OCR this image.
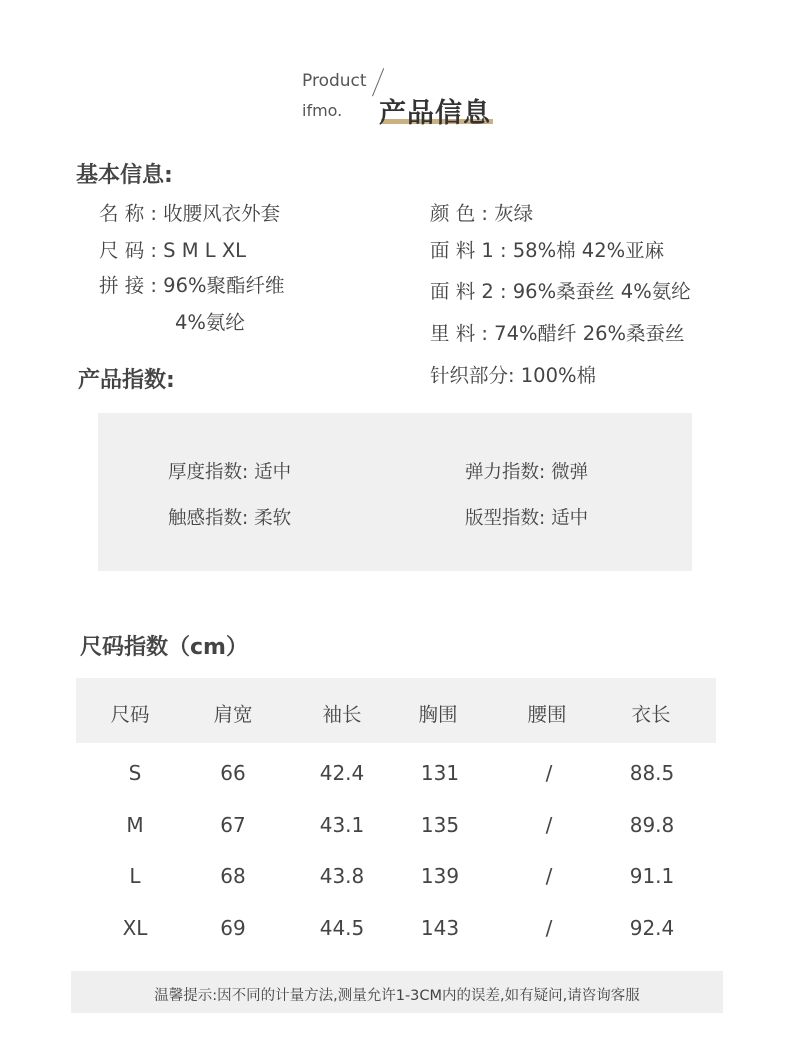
Product
ifmo. 产品信息
基本信息:
名 称 : 收腰风衣外套
尺 码 : S M L XL
拼 接 : 96%聚酯纤维
4%氨纶
颜 色 : 灰绿
面 料 1 : 58%棉 42%亚麻
面 料 2 : 96%桑蚕丝 4%氨纶
里 料 : 74%醋纤 26%桑蚕丝
针织部分: 100%棉
产品指数:
厚度指数: 适中	弹力指数: 微弹
触感指数: 柔软	版型指数: 适中
尺码指数（cm）
尺码	肩宽	袖长	胸围	腰围	衣长
S	66	42.4	131	/	88.5
M	67	43.1	135	/	89.8
L	68	43.8	139	/	91.1
XL	69	44.5	143	/	92.4
温馨提示:因不同的计量方法,测量允许1-3CM内的误差,如有疑问,请咨询客服
